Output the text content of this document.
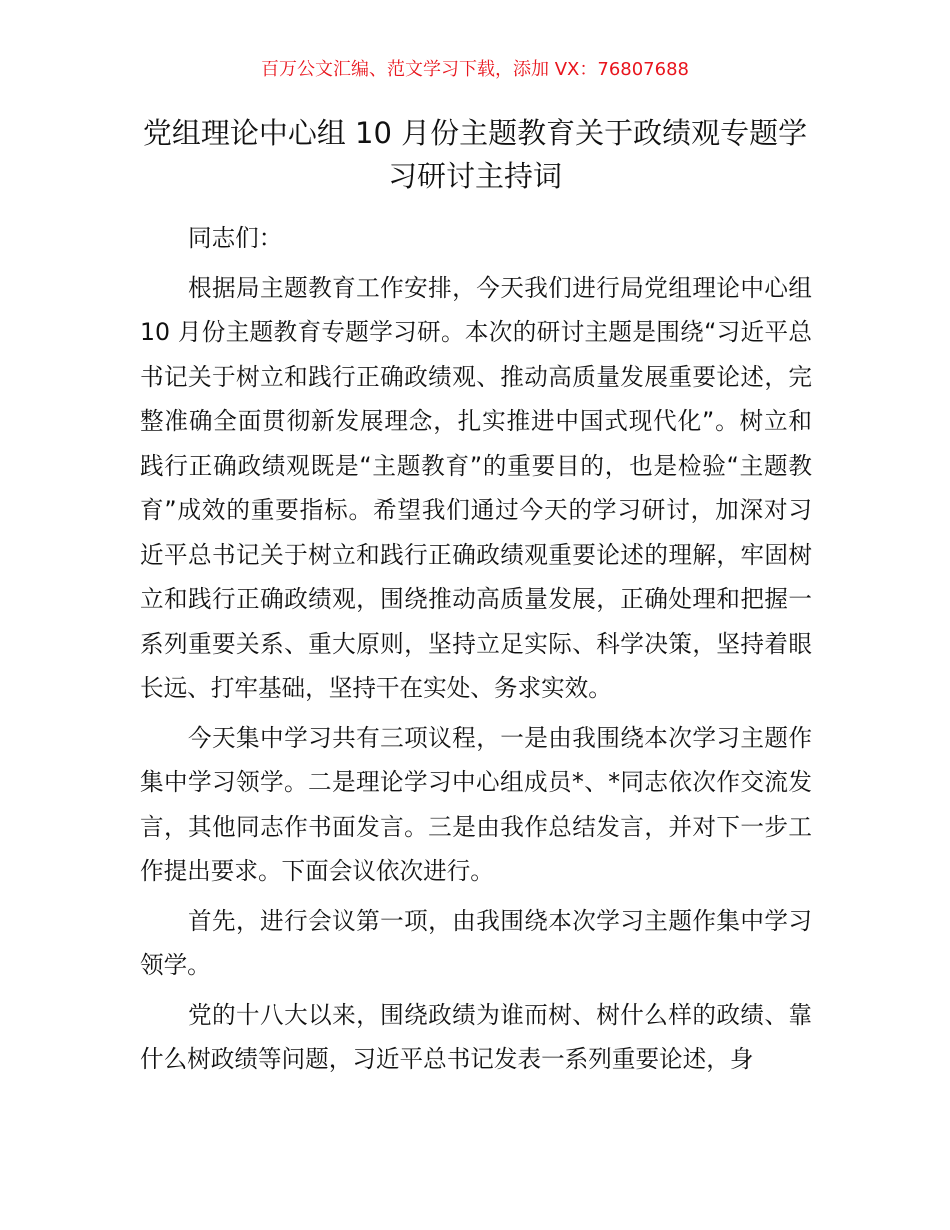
百万公文汇编、范文学习下载，添加 VX：76807688
党组理论中心组 10 月份主题教育关于政绩观专题学习研讨主持词

同志们：

根据局主题教育工作安排，今天我们进行局党组理论中心组 10 月份主题教育专题学习研。本次的研讨主题是围绕“习近平总书记关于树立和践行正确政绩观、推动高质量发展重要论述，完整准确全面贯彻新发展理念，扎实推进中国式现代化”。树立和践行正确政绩观既是“主题教育”的重要目的，也是检验“主题教育”成效的重要指标。希望我们通过今天的学习研讨，加深对习近平总书记关于树立和践行正确政绩观重要论述的理解，牢固树立和践行正确政绩观，围绕推动高质量发展，正确处理和把握一系列重要关系、重大原则，坚持立足实际、科学决策，坚持着眼长远、打牢基础，坚持干在实处、务求实效。

今天集中学习共有三项议程，一是由我围绕本次学习主题作集中学习领学。二是理论学习中心组成员*、*同志依次作交流发言，其他同志作书面发言。三是由我作总结发言，并对下一步工作提出要求。下面会议依次进行。

首先，进行会议第一项，由我围绕本次学习主题作集中学习领学。

党的十八大以来，围绕政绩为谁而树、树什么样的政绩、靠什么树政绩等问题，习近平总书记发表一系列重要论述，身
